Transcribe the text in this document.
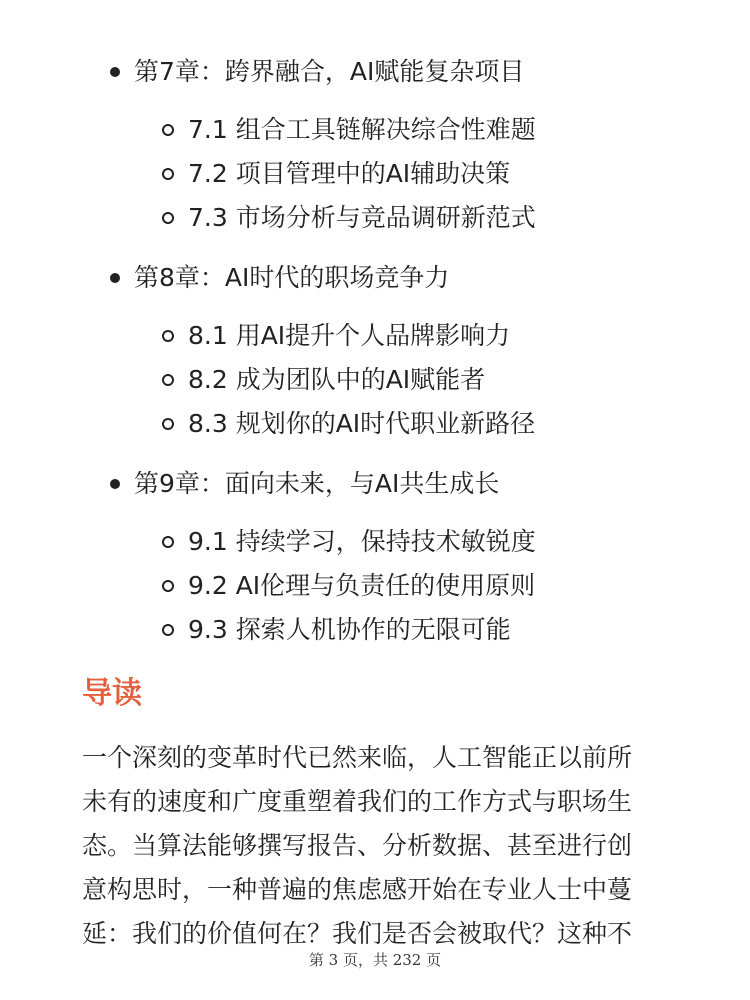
第7章：跨界融合，AI赋能复杂项目
7.1 组合工具链解决综合性难题
7.2 项目管理中的AI辅助决策
7.3 市场分析与竞品调研新范式
第8章：AI时代的职场竞争力
8.1 用AI提升个人品牌影响力
8.2 成为团队中的AI赋能者
8.3 规划你的AI时代职业新路径
第9章：面向未来，与AI共生成长
9.1 持续学习，保持技术敏锐度
9.2 AI伦理与负责任的使用原则
9.3 探索人机协作的无限可能
导读
一个深刻的变革时代已然来临，人工智能正以前所
未有的速度和广度重塑着我们的工作方式与职场生
态。当算法能够撰写报告、分析数据、甚至进行创
意构思时，一种普遍的焦虑感开始在专业人士中蔓
延：我们的价值何在？我们是否会被取代？这种不
第 3 页，共 232 页
